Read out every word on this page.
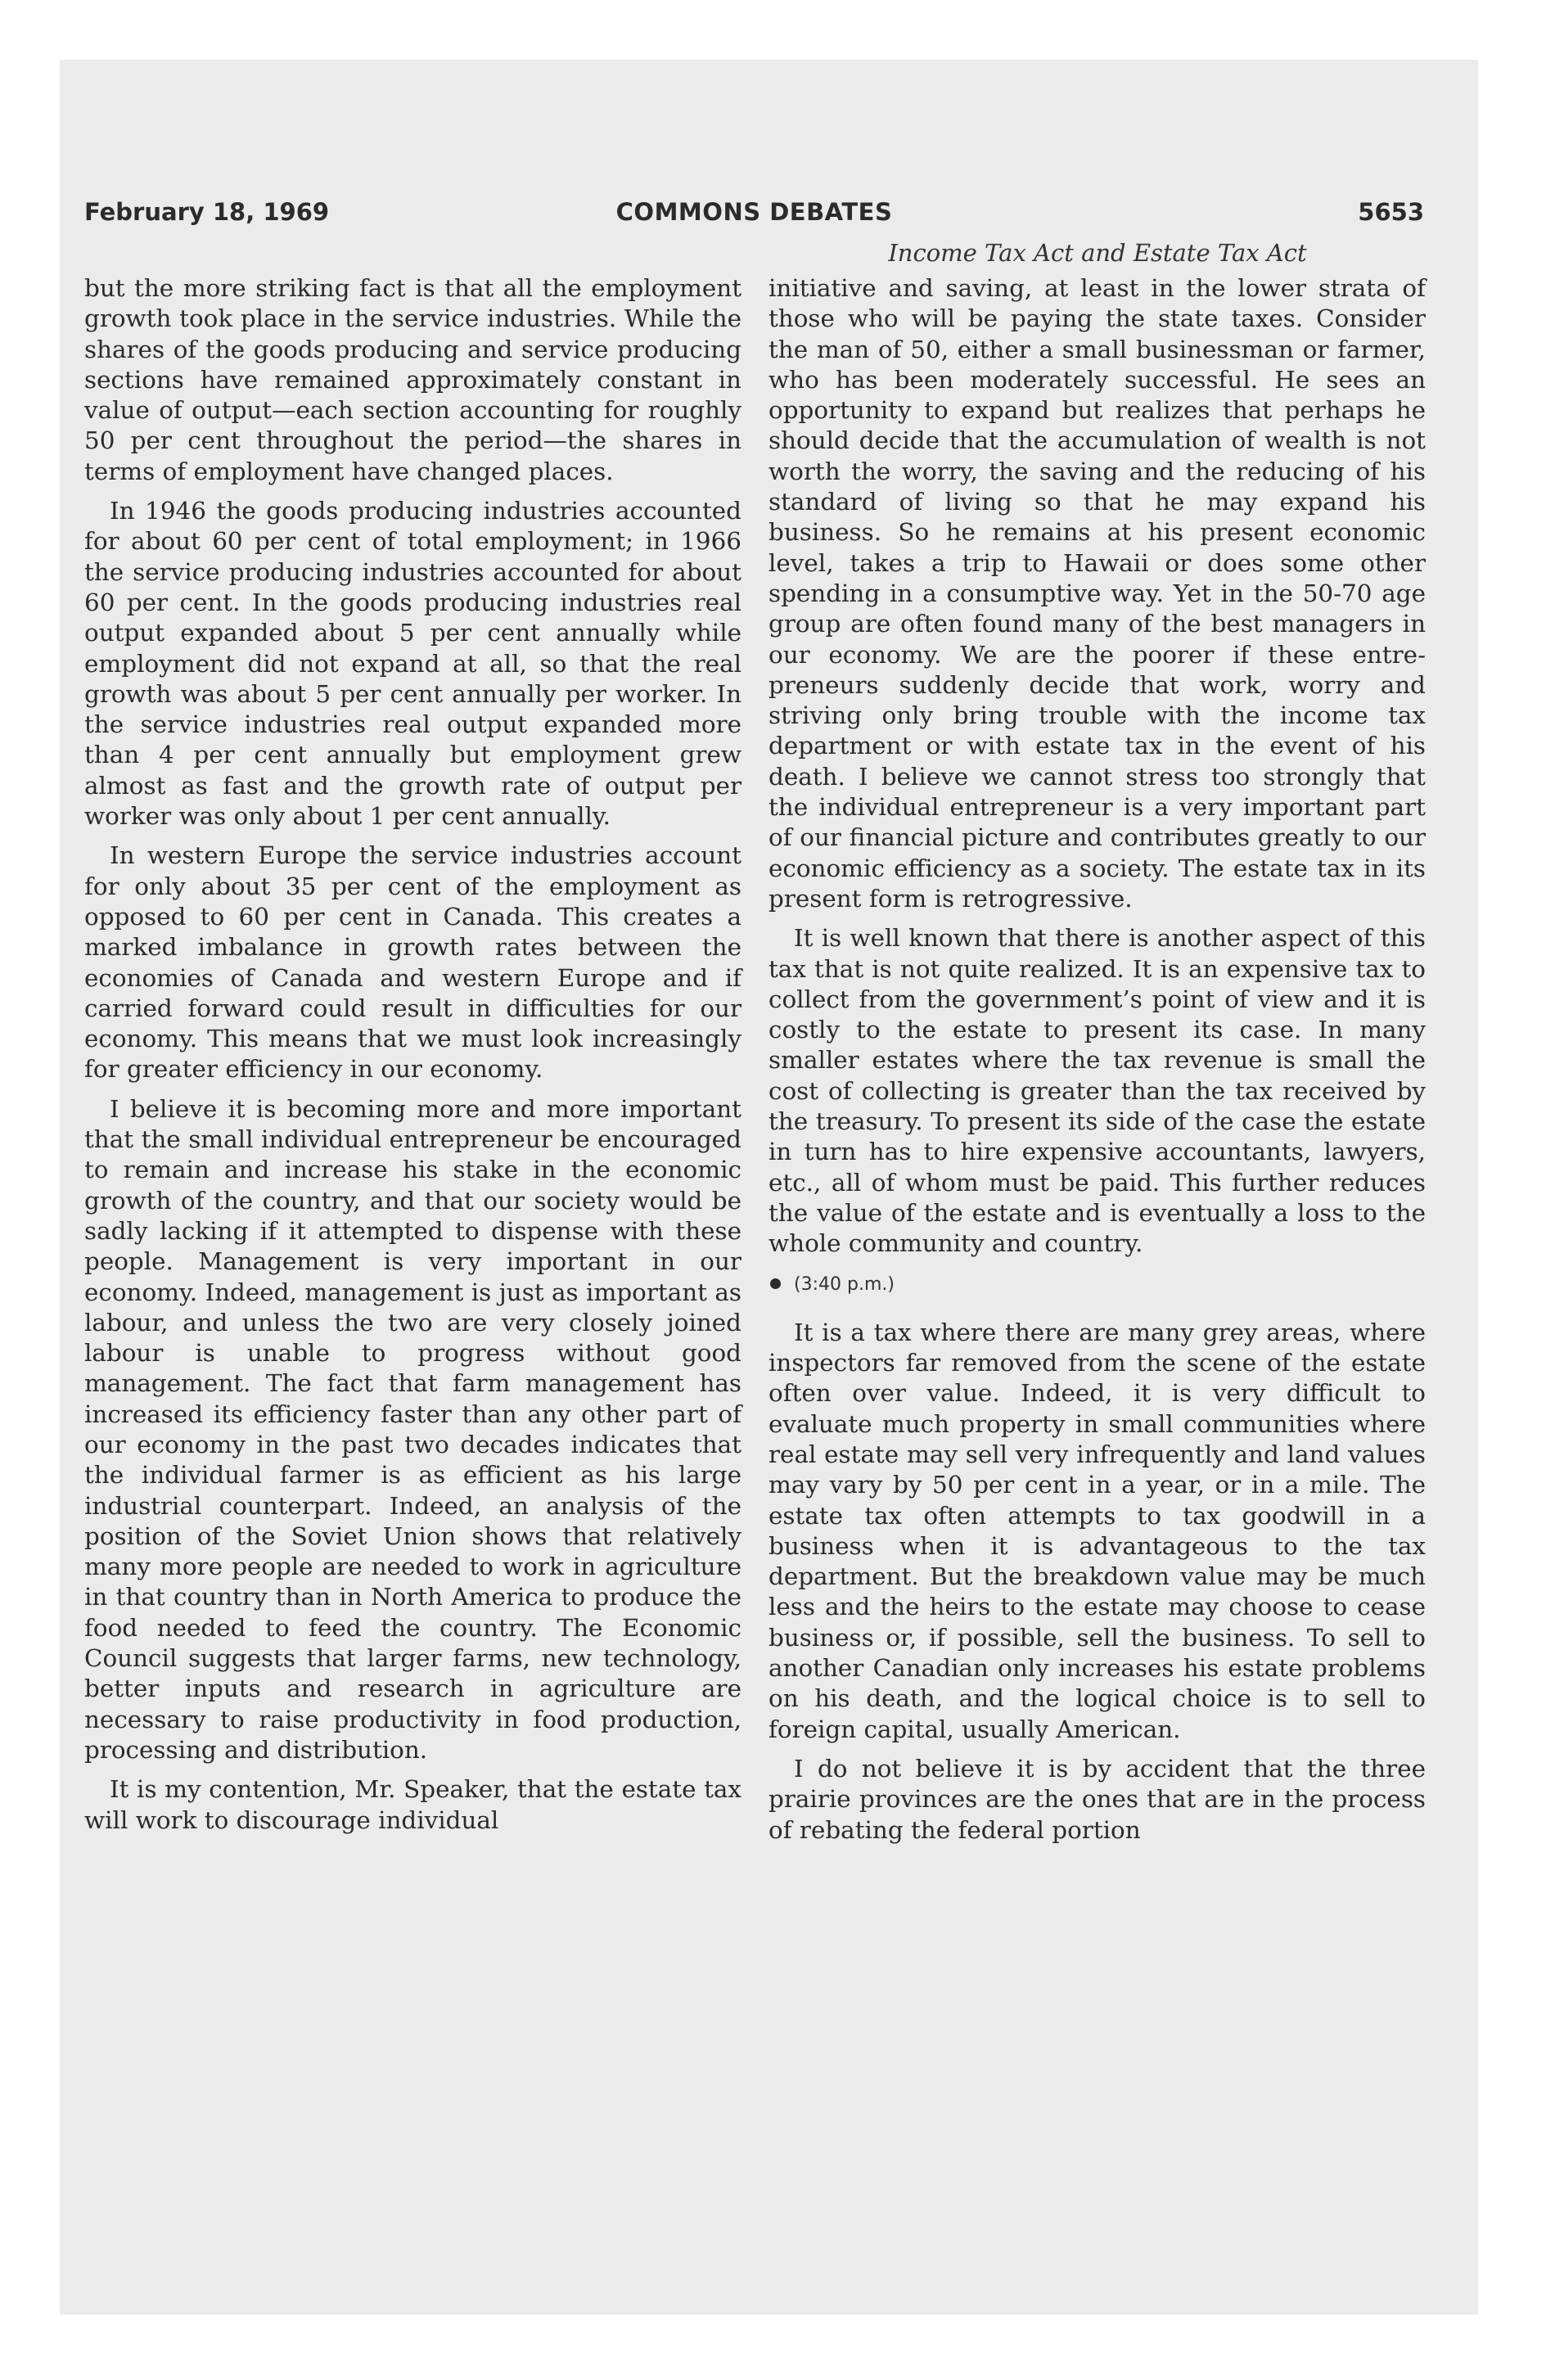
February 18, 1969	COMMONS DEBATES	5653
Income Tax Act and Estate Tax Act

but the more striking fact is that all the employment growth took place in the service industries. While the shares of the goods producing and service producing sections have remained approximately constant in value of output—each section accounting for roughly 50 per cent throughout the period—the shares in terms of employment have changed places.

In 1946 the goods producing industries accounted for about 60 per cent of total employment; in 1966 the service producing industries accounted for about 60 per cent. In the goods producing industries real output expanded about 5 per cent annually while employment did not expand at all, so that the real growth was about 5 per cent annually per worker. In the service industries real output expanded more than 4 per cent annually but employment grew almost as fast and the growth rate of output per worker was only about 1 per cent annually.

In western Europe the service industries account for only about 35 per cent of the employment as opposed to 60 per cent in Canada. This creates a marked imbalance in growth rates between the economies of Canada and western Europe and if carried forward could result in difficulties for our economy. This means that we must look increasingly for greater efficiency in our economy.

I believe it is becoming more and more important that the small individual entrepreneur be encouraged to remain and increase his stake in the economic growth of the country, and that our society would be sadly lacking if it attempted to dispense with these people. Management is very important in our economy. Indeed, management is just as important as labour, and unless the two are very closely joined labour is unable to progress without good management. The fact that farm management has increased its efficiency faster than any other part of our economy in the past two decades indicates that the individual farmer is as efficient as his large industrial counterpart. Indeed, an analysis of the position of the Soviet Union shows that relatively many more people are needed to work in agriculture in that country than in North America to produce the food needed to feed the country. The Economic Council suggests that larger farms, new technology, better inputs and research in agriculture are necessary to raise productivity in food production, processing and distribution.

It is my contention, Mr. Speaker, that the estate tax will work to discourage individual

initiative and saving, at least in the lower strata of those who will be paying the state taxes. Consider the man of 50, either a small businessman or farmer, who has been moderately successful. He sees an opportunity to expand but realizes that perhaps he should decide that the accumulation of wealth is not worth the worry, the saving and the reducing of his standard of living so that he may expand his business. So he remains at his present economic level, takes a trip to Hawaii or does some other spending in a consumptive way. Yet in the 50-70 age group are often found many of the best managers in our economy. We are the poorer if these entrepreneurs suddenly decide that work, worry and striving only bring trouble with the income tax department or with estate tax in the event of his death. I believe we cannot stress too strongly that the individual entrepreneur is a very important part of our financial picture and contributes greatly to our economic efficiency as a society. The estate tax in its present form is retrogressive.

It is well known that there is another aspect of this tax that is not quite realized. It is an expensive tax to collect from the government’s point of view and it is costly to the estate to present its case. In many smaller estates where the tax revenue is small the cost of collecting is greater than the tax received by the treasury. To present its side of the case the estate in turn has to hire expensive accountants, lawyers, etc., all of whom must be paid. This further reduces the value of the estate and is eventually a loss to the whole community and country.

(3:40 p.m.)

It is a tax where there are many grey areas, where inspectors far removed from the scene of the estate often over value. Indeed, it is very difficult to evaluate much property in small communities where real estate may sell very infrequently and land values may vary by 50 per cent in a year, or in a mile. The estate tax often attempts to tax goodwill in a business when it is advantageous to the tax department. But the breakdown value may be much less and the heirs to the estate may choose to cease business or, if possible, sell the business. To sell to another Canadian only increases his estate problems on his death, and the logical choice is to sell to foreign capital, usually American.

I do not believe it is by accident that the three prairie provinces are the ones that are in the process of rebating the federal portion
